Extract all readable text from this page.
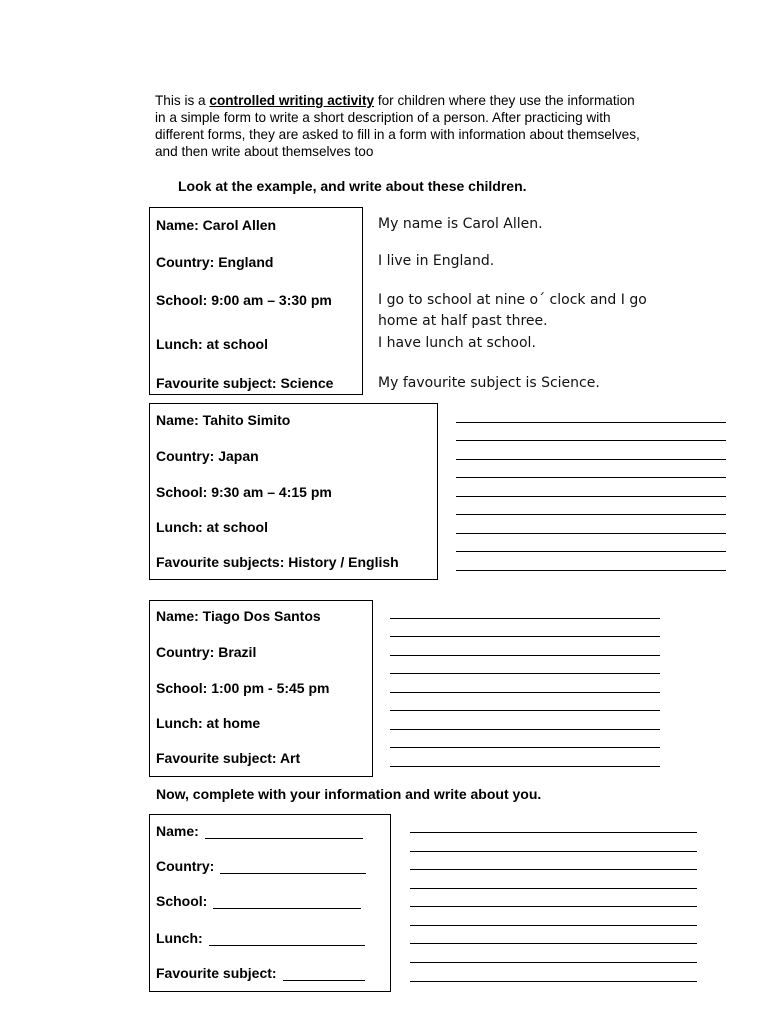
This is a controlled writing activity for children where they use the information in a simple form to write a short description of a person. After practicing with different forms, they are asked to fill in a form with information about themselves, and then write about themselves too
Look at the example, and write about these children.
Name: Carol Allen
Country: England
School: 9:00 am – 3:30 pm
Lunch: at school
Favourite subject: Science
My name is Carol Allen.
I live in England.
I go to school at nine o´ clock and I go
home at half past three.
I have lunch at school.
My favourite subject is Science.
Name: Tahito Simito
Country: Japan
School: 9:30 am – 4:15 pm
Lunch: at school
Favourite subjects: History / English
Name: Tiago Dos Santos
Country: Brazil
School: 1:00 pm - 5:45 pm
Lunch: at home
Favourite subject: Art
Now, complete with your information and write about you.
Name:
Country:
School:
Lunch:
Favourite subject:
